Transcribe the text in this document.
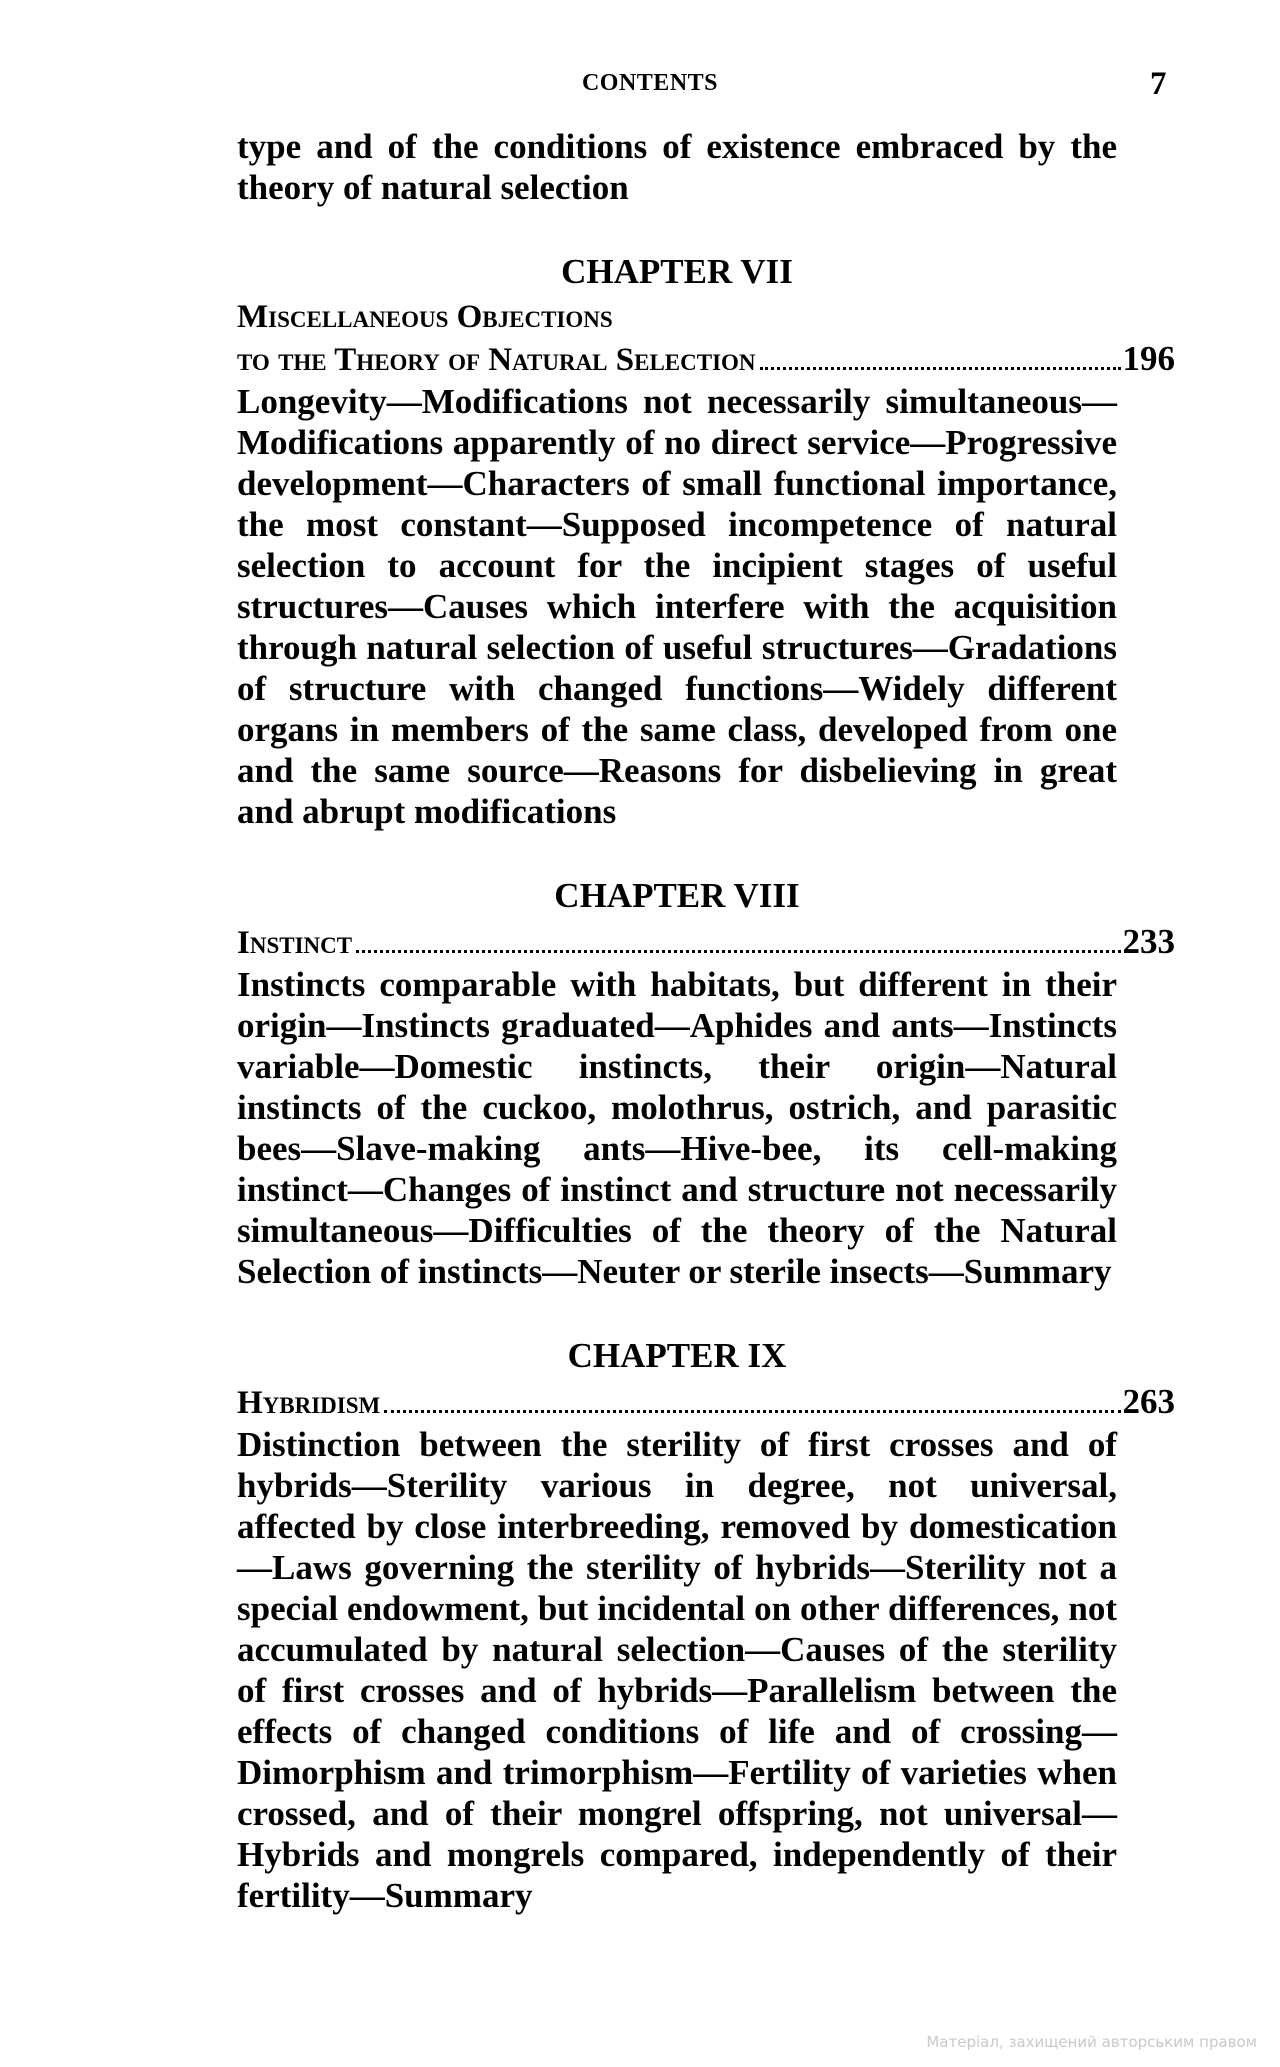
CONTENTS	7

type and of the conditions of existence embraced by the theory of natural selection

CHAPTER VII
Miscellaneous Objections
to the Theory of Natural Selection	196

Longevity—Modifications not necessarily simultaneous—Modifications apparently of no direct service—Progressive development—Characters of small functional importance, the most constant—Supposed incompetence of natural selection to account for the incipient stages of useful structures—Causes which interfere with the acquisition through natural selection of useful structures—Gradations of structure with changed functions—Widely different organs in members of the same class, developed from one and the same source—Reasons for disbelieving in great and abrupt modifications

CHAPTER VIII
Instinct	233

Instincts comparable with habitats, but different in their origin—Instincts graduated—Aphides and ants—Instincts variable—Domestic instincts, their origin—Natural instincts of the cuckoo, molothrus, ostrich, and parasitic bees—Slave-making ants—Hive-bee, its cell-making instinct—Changes of instinct and structure not necessarily simultaneous—Difficulties of the theory of the Natural Selection of instincts—Neuter or sterile insects—Summary

CHAPTER IX
Hybridism	263

Distinction between the sterility of first crosses and of hybrids—Sterility various in degree, not universal, affected by close interbreeding, removed by domestication—Laws governing the sterility of hybrids—Sterility not a special endowment, but incidental on other differences, not accumulated by natural selection—Causes of the sterility of first crosses and of hybrids—Parallelism between the effects of changed conditions of life and of crossing—Dimorphism and trimorphism—Fertility of varieties when crossed, and of their mongrel offspring, not universal—Hybrids and mongrels compared, independently of their fertility—Summary

Матеріал, захищений авторським правом
